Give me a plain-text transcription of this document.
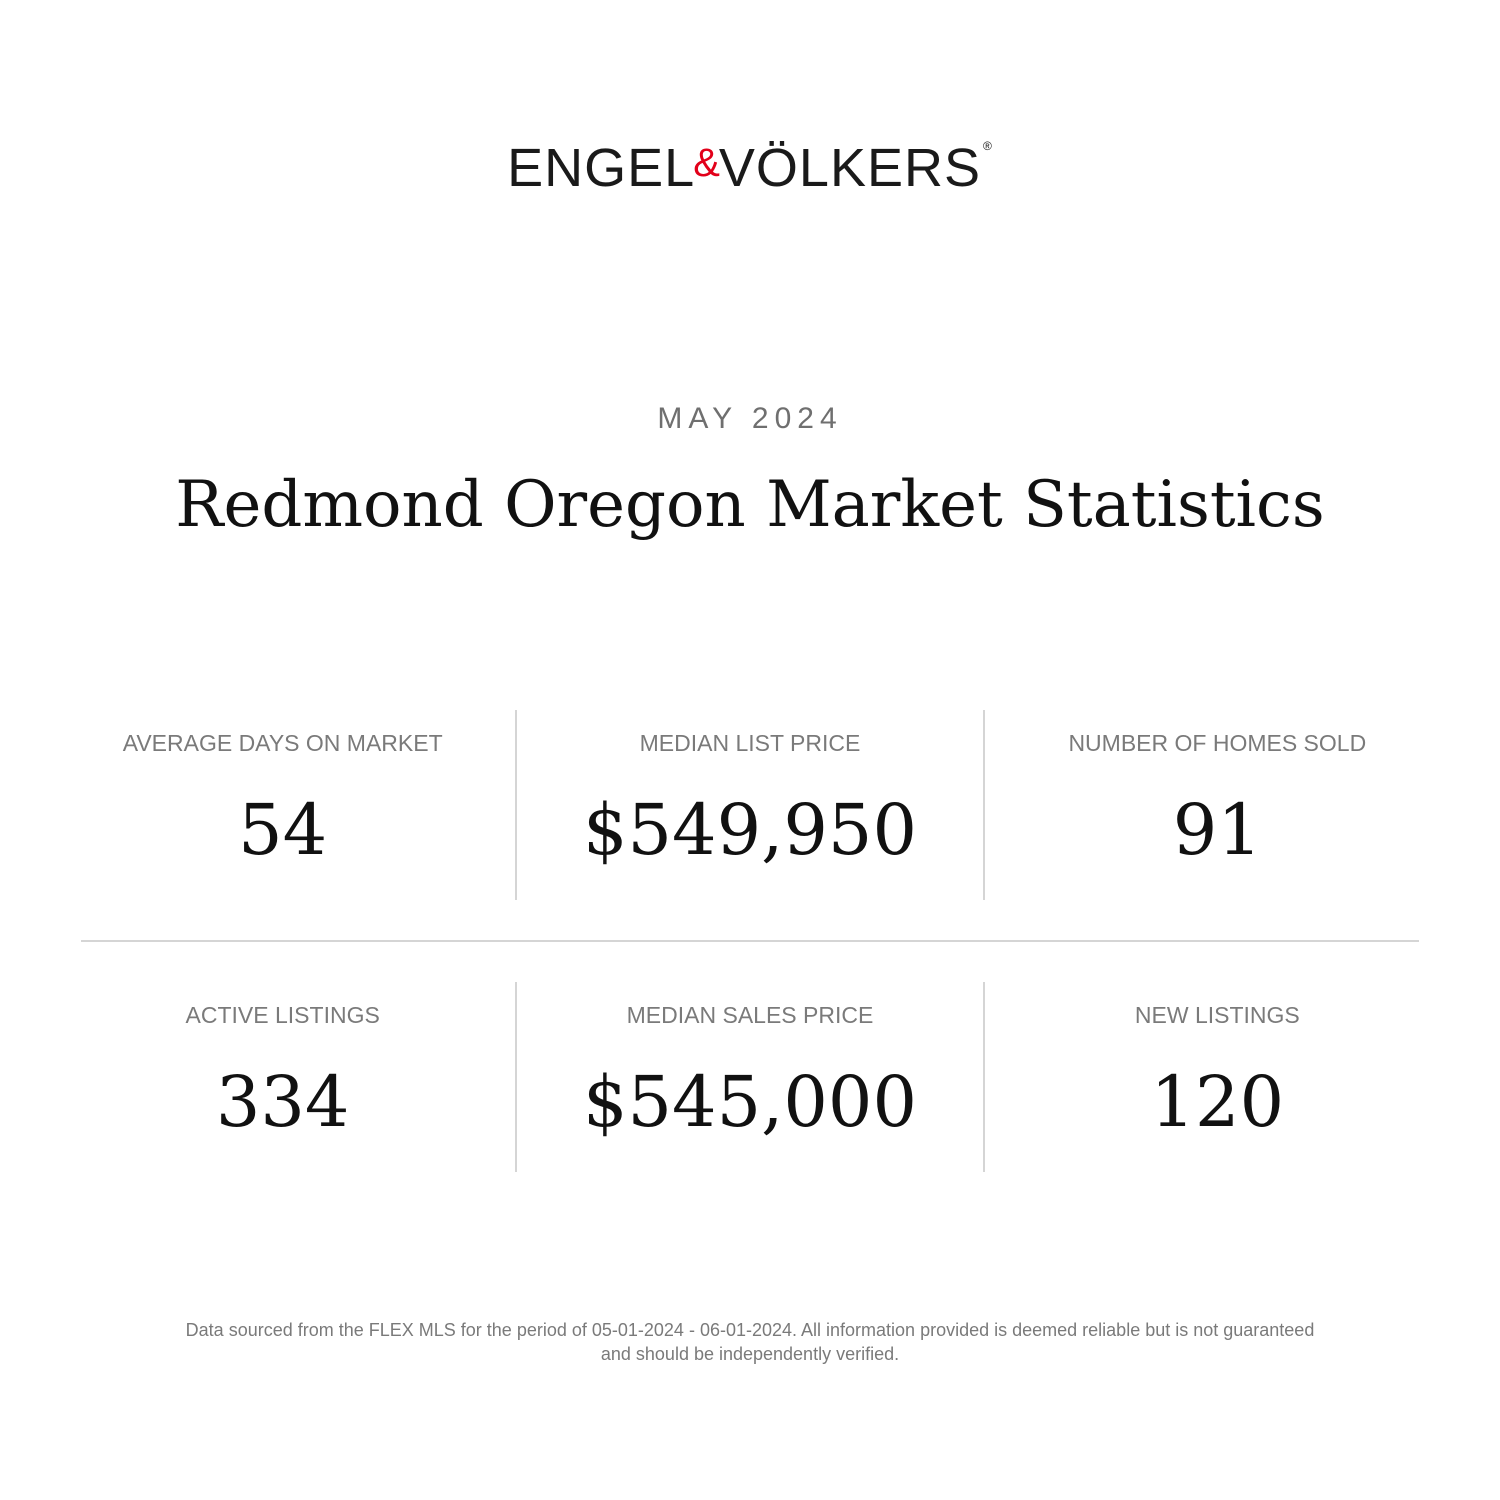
ENGEL&VÖLKERS ®
MAY 2024
Redmond Oregon Market Statistics
AVERAGE DAYS ON MARKET
54
MEDIAN LIST PRICE
$549,950
NUMBER OF HOMES SOLD
91
ACTIVE LISTINGS
334
MEDIAN SALES PRICE
$545,000
NEW LISTINGS
120
Data sourced from the FLEX MLS for the period of 05-01-2024 - 06-01-2024. All information provided is deemed reliable but is not guaranteed
and should be independently verified.
